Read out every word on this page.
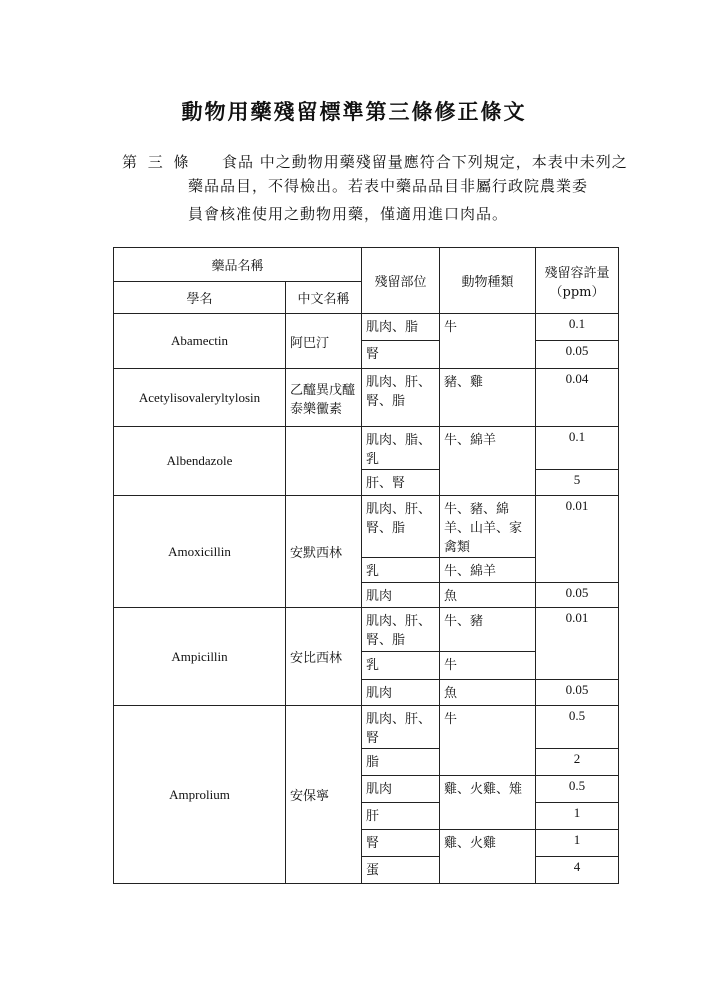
動物用藥殘留標準第三條修正條文
第 三 條 食品 中之動物用藥殘留量應符合下列規定，本表中未列之
藥品品目，不得檢出。若表中藥品品目非屬行政院農業委
員會核准使用之動物用藥，僅適用進口肉品。
藥品名稱		殘留部位	動物種類	殘留容許量
（ppm）

學名	中文名稱			
Abamectin	阿巴汀	肌肉、脂	牛	0.1
		腎		0.05
Acetylisovaleryltylosin	乙醯異戊醯泰樂黴素	肌肉、肝、腎、脂	豬、雞	0.04
Albendazole		肌肉、脂、乳	牛、綿羊	0.1
		肝、腎		5
Amoxicillin	安默西林	肌肉、肝、腎、脂	牛、豬、綿羊、山羊、家禽類	0.01
		乳	牛、綿羊	
		肌肉	魚	0.05
Ampicillin	安比西林	肌肉、肝、腎、脂	牛、豬	0.01
		乳	牛	
		肌肉	魚	0.05
Amprolium	安保寧	肌肉、肝、腎	牛	0.5
		脂		2
		肌肉	雞、火雞、雉	0.5
		肝		1
		腎	雞、火雞	1
		蛋		4
